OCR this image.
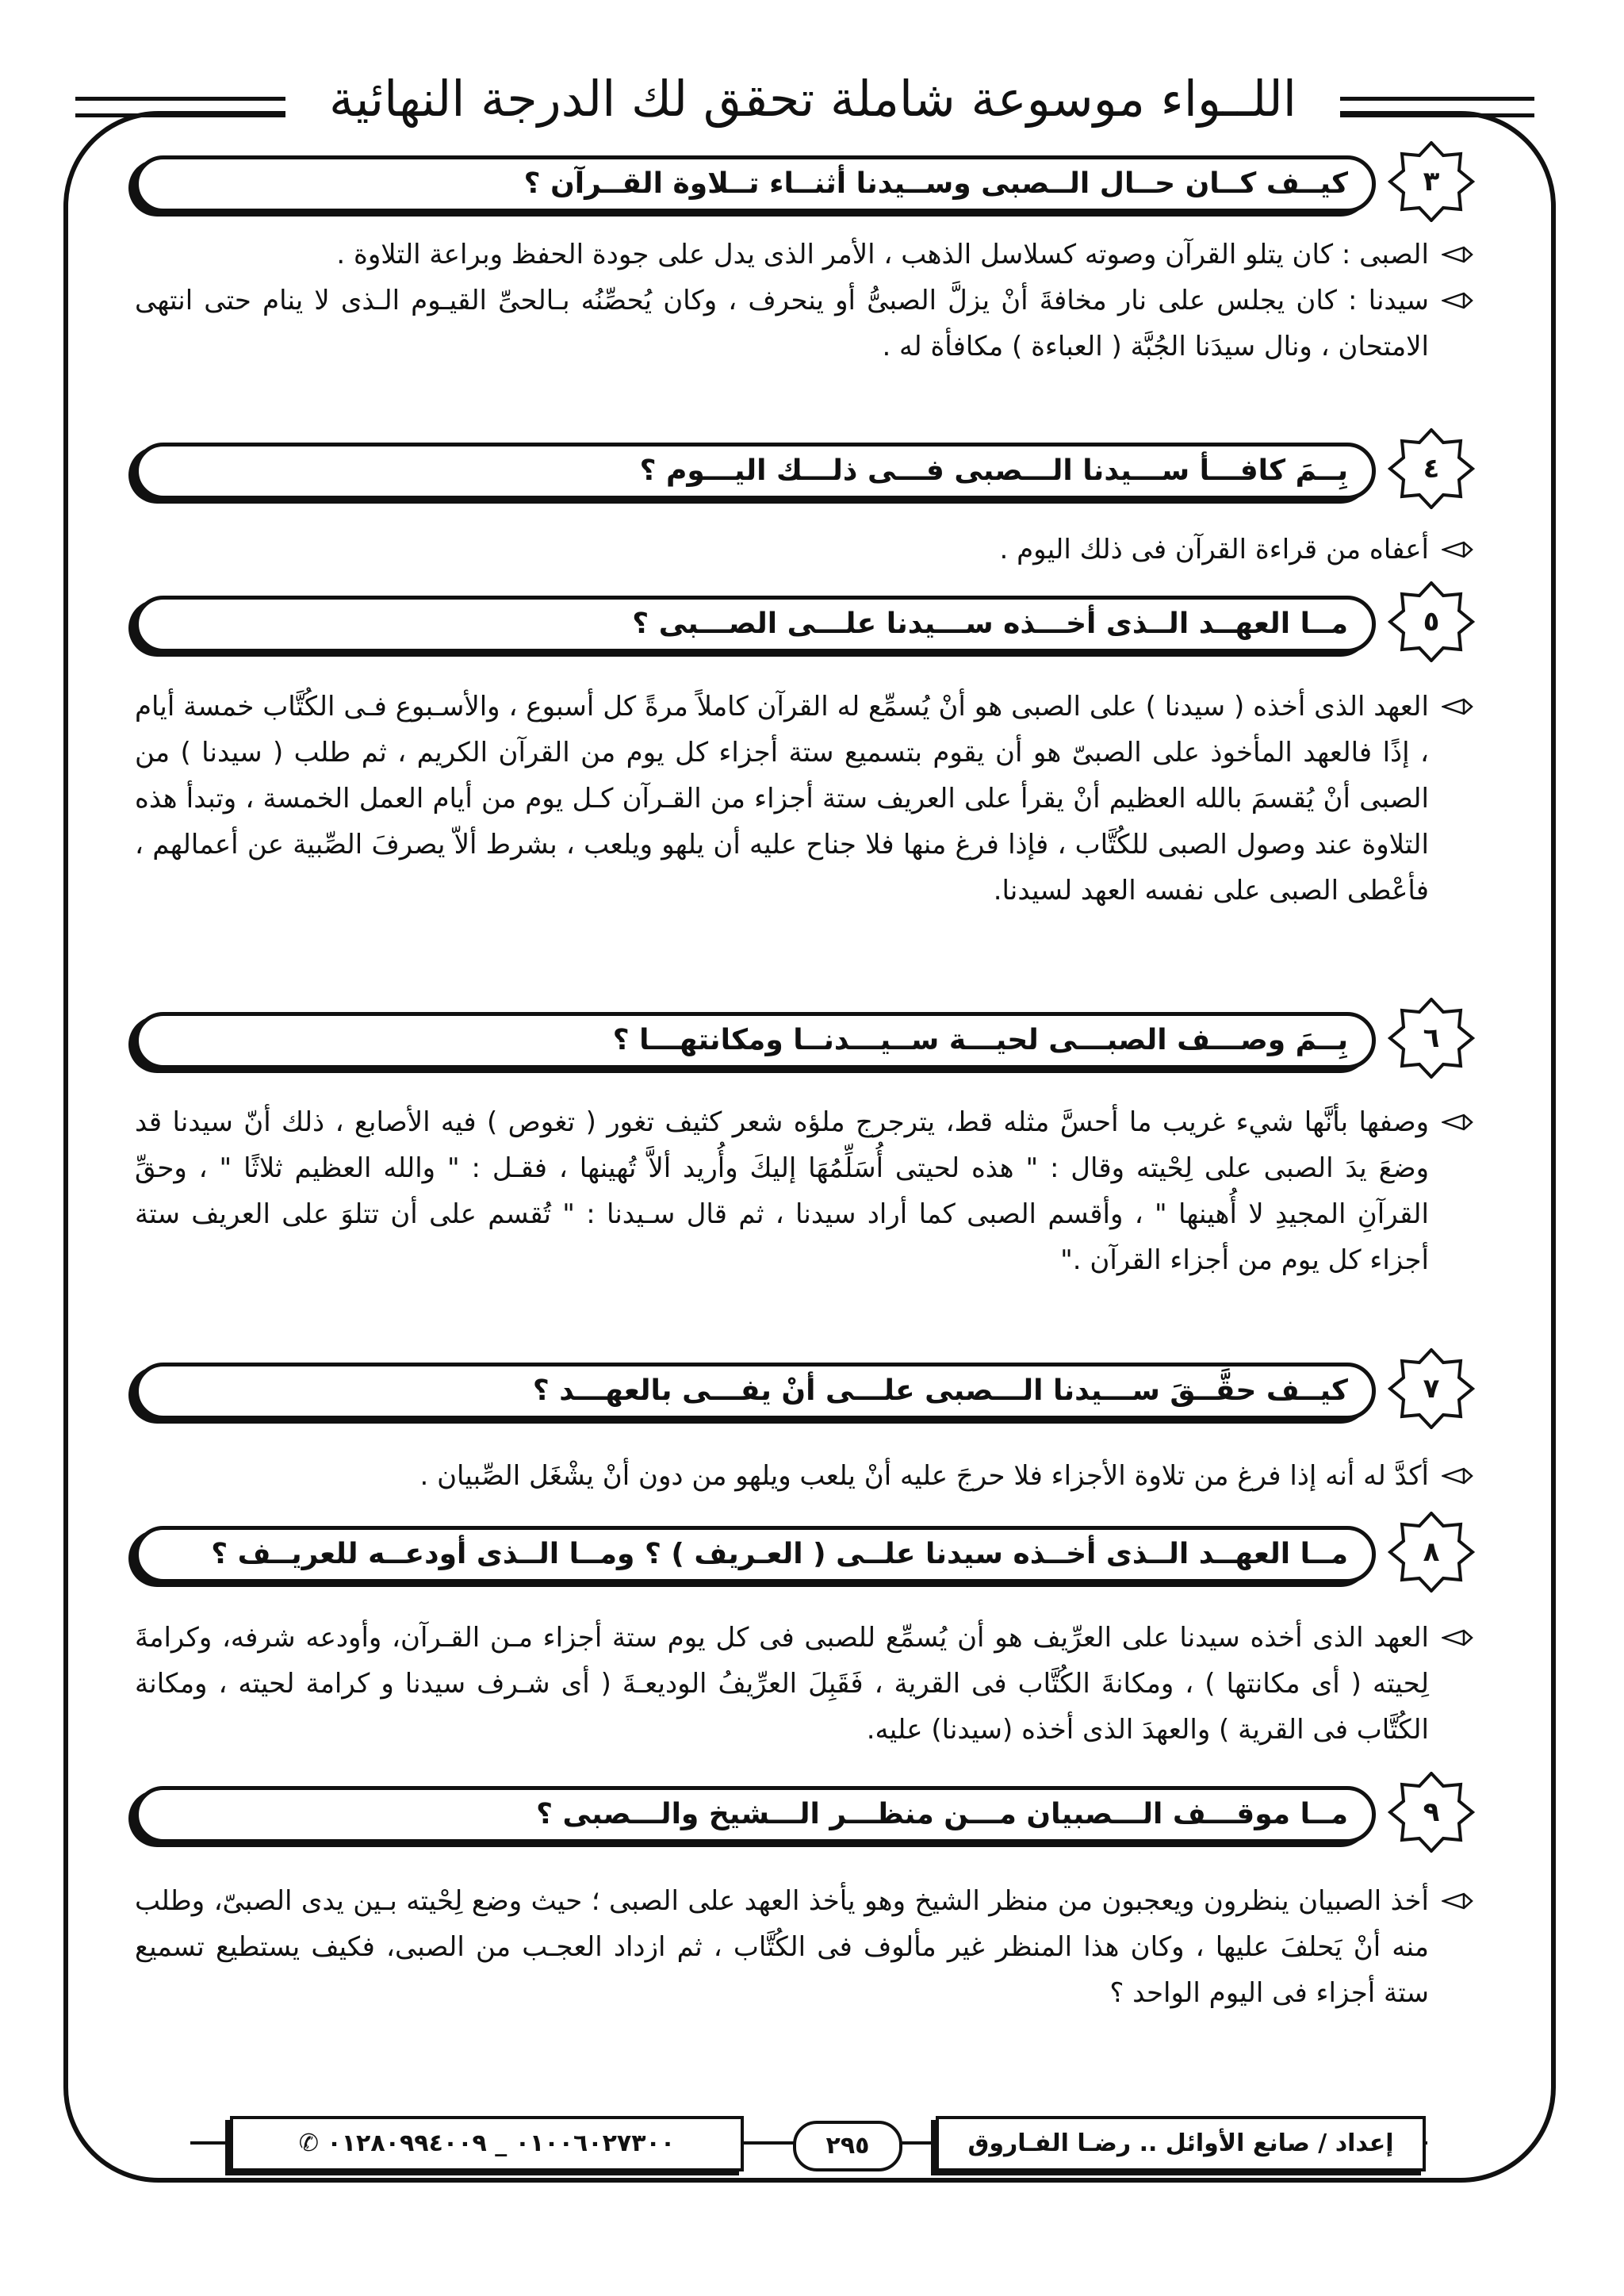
اللــواء موسوعة شاملة تحقق لك الدرجة النهائية
كيــف كــان حــال الــصبى وســيدنا أثنــاء تــلاوة القــرآن ؟	٣

الصبى : كان يتلو القرآن وصوته كسلاسل الذهب ، الأمر الذى يدل على جودة الحفظ وبراعة التلاوة .

سيدنا : كان يجلس على نار مخافةَ أنْ يزلَّ الصبىُّ أو ينحرف ، وكان يُحصِّنُه بـالحىِّ القيـوم الـذى لا ينام حتى انتهى الامتحان ، ونال سيدَنا الجُبَّة ( العباءة ) مكافأة له .

بِــمَ كافـــأ ســـيدنا الـــصبى فـــى ذلـــك اليـــوم ؟	٤

أعفاه من قراءة القرآن فى ذلك اليوم .

مــا العهــد الــذى أخـــذه ســـيدنا علـــى الصـــبى ؟	٥

العهد الذى أخذه ( سيدنا ) على الصبى هو أنْ يُسمِّع له القرآن كاملاً مرةً كل أسبوع ، والأسـبوع فـى الكُتَّاب خمسة أيام ، إذًا فالعهد المأخوذ على الصبىّ هو أن يقوم بتسميع ستة أجزاء كل يوم من القرآن الكريم ، ثم طلب ( سيدنا ) من الصبى أنْ يُقسمَ بالله العظيم أنْ يقرأ على العريف ستة أجزاء من القـرآن كـل يوم من أيام العمل الخمسة ، وتبدأ هذه التلاوة عند وصول الصبى للكُتَّاب ، فإذا فرغ منها فلا جناح عليه أن يلهو ويلعب ، بشرط ألاّ يصرفَ الصِّبية عن أعمالهم ، فأعْطى الصبى على نفسه العهد لسيدنا.

بِــمَ وصـــف الصبـــى لحيـــة ســيـــدنــا ومكانتهـــا ؟	٦

وصفها بأنَّها شيء غريب ما أحسَّ مثله قط، يترجرج ملؤه شعر كثيف تغور ( تغوص ) فيه الأصابع ، ذلك أنّ سيدنا قد وضعَ يدَ الصبى على لِحْيته وقال : " هذه لحيتى أُسَلِّمُهَا إليكَ وأُريد ألاَّ تُهينها ، فقـل : " والله العظيم ثلاثًا " ، وحقِّ القرآنِ المجيدِ لا أُهينها " ، وأقسم الصبى كما أراد سيدنا ، ثم قال سـيدنا : " تُقسم على أن تتلوَ على العريف ستة أجزاء كل يوم من أجزاء القرآن ."

كيــف حقَّــقَ ســـيدنا الـــصبى علـــى أنْ يفـــى بالعهـــد ؟	٧

أكدَّ له أنه إذا فرغ من تلاوة الأجزاء فلا حرجَ عليه أنْ يلعب ويلهو من دون أنْ يشْغَل الصِّبيان .

مــا العهــد الــذى أخــذه سيدنا علــى ( العـريف ) ؟ ومــا الــذى أودعــه للعريــف ؟	٨

العهد الذى أخذه سيدنا على العرِّيف هو أن يُسمِّع للصبى فى كل يوم ستة أجزاء مـن القـرآن، وأودعه شرفه، وكرامةَ لِحيته ( أى مكانتها ) ، ومكانةَ الكُتَّاب فى القرية ، فَقَبِلَ العرِّيفُ الوديعـةَ ( أى شـرف سيدنا و كرامة لحيته ، ومكانة الكُتَّاب فى القرية ) والعهدَ الذى أخذه (سيدنا) عليه.

مــا موقـــف الـــصبيان مـــن منظـــر الـــشيخ والـــصبى ؟	٩

أخذ الصبيان ينظرون ويعجبون من منظر الشيخ وهو يأخذ العهد على الصبى ؛ حيث وضع لِحْيته بـين يدى الصبىّ، وطلب منه أنْ يَحلفَ عليها ، وكان هذا المنظر غير مألوف فى الكُتَّاب ، ثم ازداد العجـب من الصبى، فكيف يستطيع تسميع ستة أجزاء فى اليوم الواحد ؟

✆ ٠١٠٠٦٠٢٧٣٠٠ _ ٠١٢٨٠٩٩٤٠٠٩	٢٩٥	إعداد / صانع الأوائل .. رضـا الفـاروق
